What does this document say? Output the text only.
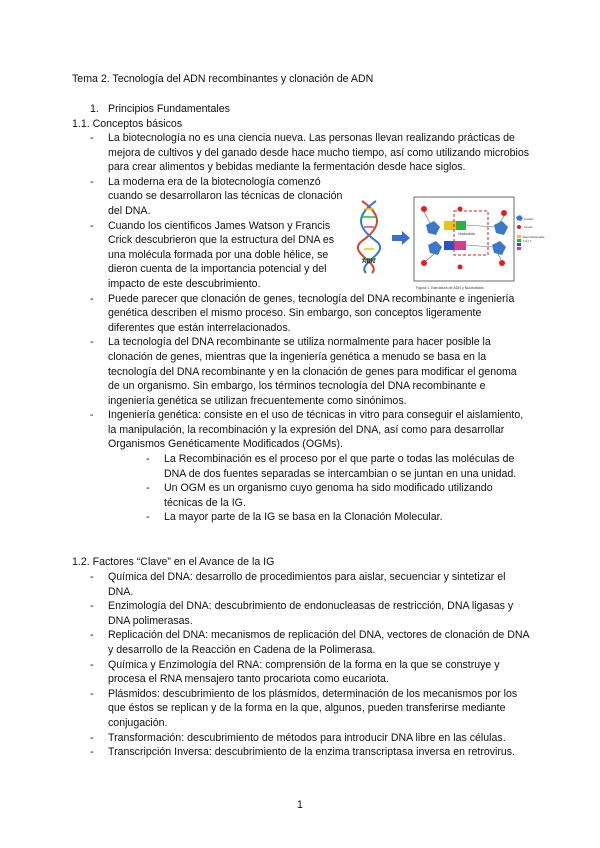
Tema 2. Tecnología del ADN recombinantes y clonación de ADN
1. Principios Fundamentales
1.1. Conceptos básicos
- La biotecnología no es una ciencia nueva. Las personas llevan realizando prácticas de mejora de cultivos y del ganado desde hace mucho tiempo, así como utilizando microbios para crear alimentos y bebidas mediante la fermentación desde hace siglos.
- La moderna era de la biotecnología comenzó cuando se desarrollaron las técnicas de clonación del DNA.
- Cuando los científicos James Watson y Francis Crick descubrieron que la estructura del DNA es una molécula formada por una doble hélice, se dieron cuenta de la importancia potencial y del impacto de este descubrimiento.
- Puede parecer que clonación de genes, tecnología del DNA recombinante e ingeniería genética describen el mismo proceso. Sin embargo, son conceptos ligeramente diferentes que están interrelacionados.
- La tecnología del DNA recombinante se utiliza normalmente para hacer posible la clonación de genes, mientras que la ingeniería genética a menudo se basa en la tecnología del DNA recombinante y en la clonación de genes para modificar el genoma de un organismo. Sin embargo, los términos tecnología del DNA recombinante e ingeniería genética se utilizan frecuentemente como sinónimos.
- Ingeniería genética: consiste en el uso de técnicas in vitro para conseguir el aislamiento, la manipulación, la recombinación y la expresión del DNA, así como para desarrollar Organismos Genéticamente Modificados (OGMs).
- La Recombinación es el proceso por el que parte o todas las moléculas de DNA de dos fuentes separadas se intercambian o se juntan en una unidad.
- Un OGM es un organismo cuyo genoma ha sido modificado utilizando técnicas de la IG.
- La mayor parte de la IG se basa en la Clonación Molecular.
ADN
Nucleótido
Figura 1. Estructura de ADN y Nucleótidos
Fosfato
Azúcar
Bases Nitrogenadas
A G C T
1.2. Factores “Clave” en el Avance de la IG
- Química del DNA: desarrollo de procedimientos para aislar, secuenciar y sintetizar el DNA.
- Enzimología del DNA: descubrimiento de endonucleasas de restricción, DNA ligasas y DNA polimerasas.
- Replicación del DNA: mecanismos de replicación del DNA, vectores de clonación de DNA y desarrollo de la Reacción en Cadena de la Polimerasa.
- Química y Enzimología del RNA: comprensión de la forma en la que se construye y procesa el RNA mensajero tanto procariota como eucariota.
- Plásmidos: descubrimiento de los plásmidos, determinación de los mecanismos por los que éstos se replican y de la forma en la que, algunos, pueden transferirse mediante conjugación.
- Transformación: descubrimiento de métodos para introducir DNA libre en las células.
- Transcripción Inversa: descubrimiento de la enzima transcriptasa inversa en retrovirus.
1
